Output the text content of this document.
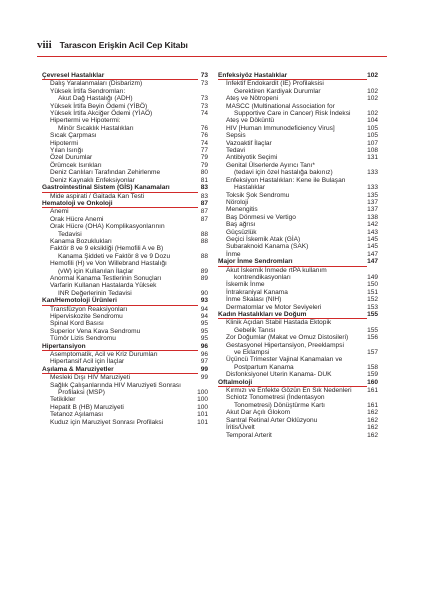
viii Tarascon Erişkin Acil Cep Kitabı
Çevresel Hastalıklar	73
Dalış Yaralanmaları (Disbarizm)	73
Yüksek İrtifa Sendromları:
Akut Dağ Hastalığı (ADH)	73
Yüksek İrtifa Beyin Ödemi (YİBÖ)	73
Yüksek İrtifa Akciğer Ödemi (YİAÖ)	74
Hipertermi ve Hipotermi:
Minör Sıcaklık Hastalıkları	76
Sıcak Çarpması	76
Hipotermi	74
Yılan Isırığı	77
Özel Durumlar	79
Örümcek Isırıkları	79
Deniz Canlıları Tarafından Zehirlenme	80
Deniz Kaynaklı Enfeksiyonlar	81
Gastrointestinal Sistem (GİS) Kanamaları	83
Mide aspirati / Gaitada Kan Testi	83
Hematoloji ve Onkoloji	87
Anemi	87
Orak Hücre Anemi	87
Orak Hücre (OHA) Komplikasyonlarının
Tedavisi	88
Kanama Bozuklukları	88
Faktör 8 ve 9 eksikliği (Hemofili A ve B)
Kanama Şiddeti ve Faktör 8 ve 9 Dozu	88
Hemofili (H) ve Von Willebrand Hastalığı
(vW) için Kullanılan İlaçlar	89
Anormal Kanama Testlerinin Sonuçları	89
Varfarin Kullanan Hastalarda Yüksek
INR Değerlerinin Tedavisi	90
Kan/Hemotoloji Ürünleri	93
Transfüzyon Reaksiyonları	94
Hiperviskozite Sendromu	94
Spinal Kord Basısı	95
Superior Vena Kava Sendromu	95
Tümör Lizis Sendromu	95
Hipertansiyon	96
Asemptomatik, Acil ve Kriz Durumları	96
Hipertansif Acil için İlaçlar	97
Aşılama & Maruziyetler	99
Mesleki Dışı HIV Maruziyeti	99
Sağlık Çalışanlarında HIV Maruziyeti Sonrası
Profilaksi (MSP)	100
Tetikikler	100
Hepatit B (HB) Maruziyeti	100
Tetanoz Aşılaması	101
Kuduz için Maruziyet Sonrası Profilaksi	101
Enfeksiyöz Hastalıklar	102
İnfektif Endokardit (IE) Profilaksisi
Gerektiren Kardiyak Durumlar	102
Ateş ve Nötropeni	102
MASCC (Multinational Association for
Supportive Care in Cancer) Risk İndeksi	102
Ateş ve Döküntü	104
HIV [Human Immunodeficiency Virus]	105
Sepsis	105
Vazoaktif İlaçlar	107
Tedavi	108
Antibiyotik Seçimi	131
Genital Ülserlerde Ayırıcı Tanı*
(tedavi için özel hastalığa bakınız)	133
Enfeksiyon Hastalıkları: Kene ile Bulaşan
Hastalıklar	133
Toksik Şok Sendromu	135
Nöroloji	137
Menengitis	137
Baş Dönmesi ve Vertigo	138
Baş ağrısı	142
Güçsüzlük	143
Geçici İskemik Atak (GİA)	145
Subaraknoid Kanama (SAK)	145
İnme	147
Major İnme Sendromları	147
Akut İskemik İnmede rtPA kullanım
kontrendikasyonları	149
İskemik İnme	150
İntrakraniyal Kanama	151
İnme Skalası (NIH)	152
Dermatomlar ve Motor Seviyeleri	153
Kadın Hastalıkları ve Doğum	155
Klinik Açıdan Stabil Hastada Ektopik
Gebelik Tanısı	155
Zor Doğumlar (Makat ve Omuz Distosileri)	156
Gestasyonel Hipertansiyon, Preeklampsi
ve Eklampsi	157
Üçüncü Trimester Vajinal Kanamaları ve
Postpartum Kanama	158
Disfonksiyonel Uterin Kanama- DUK	159
Oftalmoloji	160
Kırmızı ve Enfekte Gözün En Sık Nedenleri	161
Schiotz Tonometresi (İndentasyon
Tonometresi) Dönüştürme Kartı	161
Akut Dar Açılı Glokom	162
Santral Retinal Arter Oklüzyonu	162
İritis/Üvelt	162
Temporal Arterit	162
